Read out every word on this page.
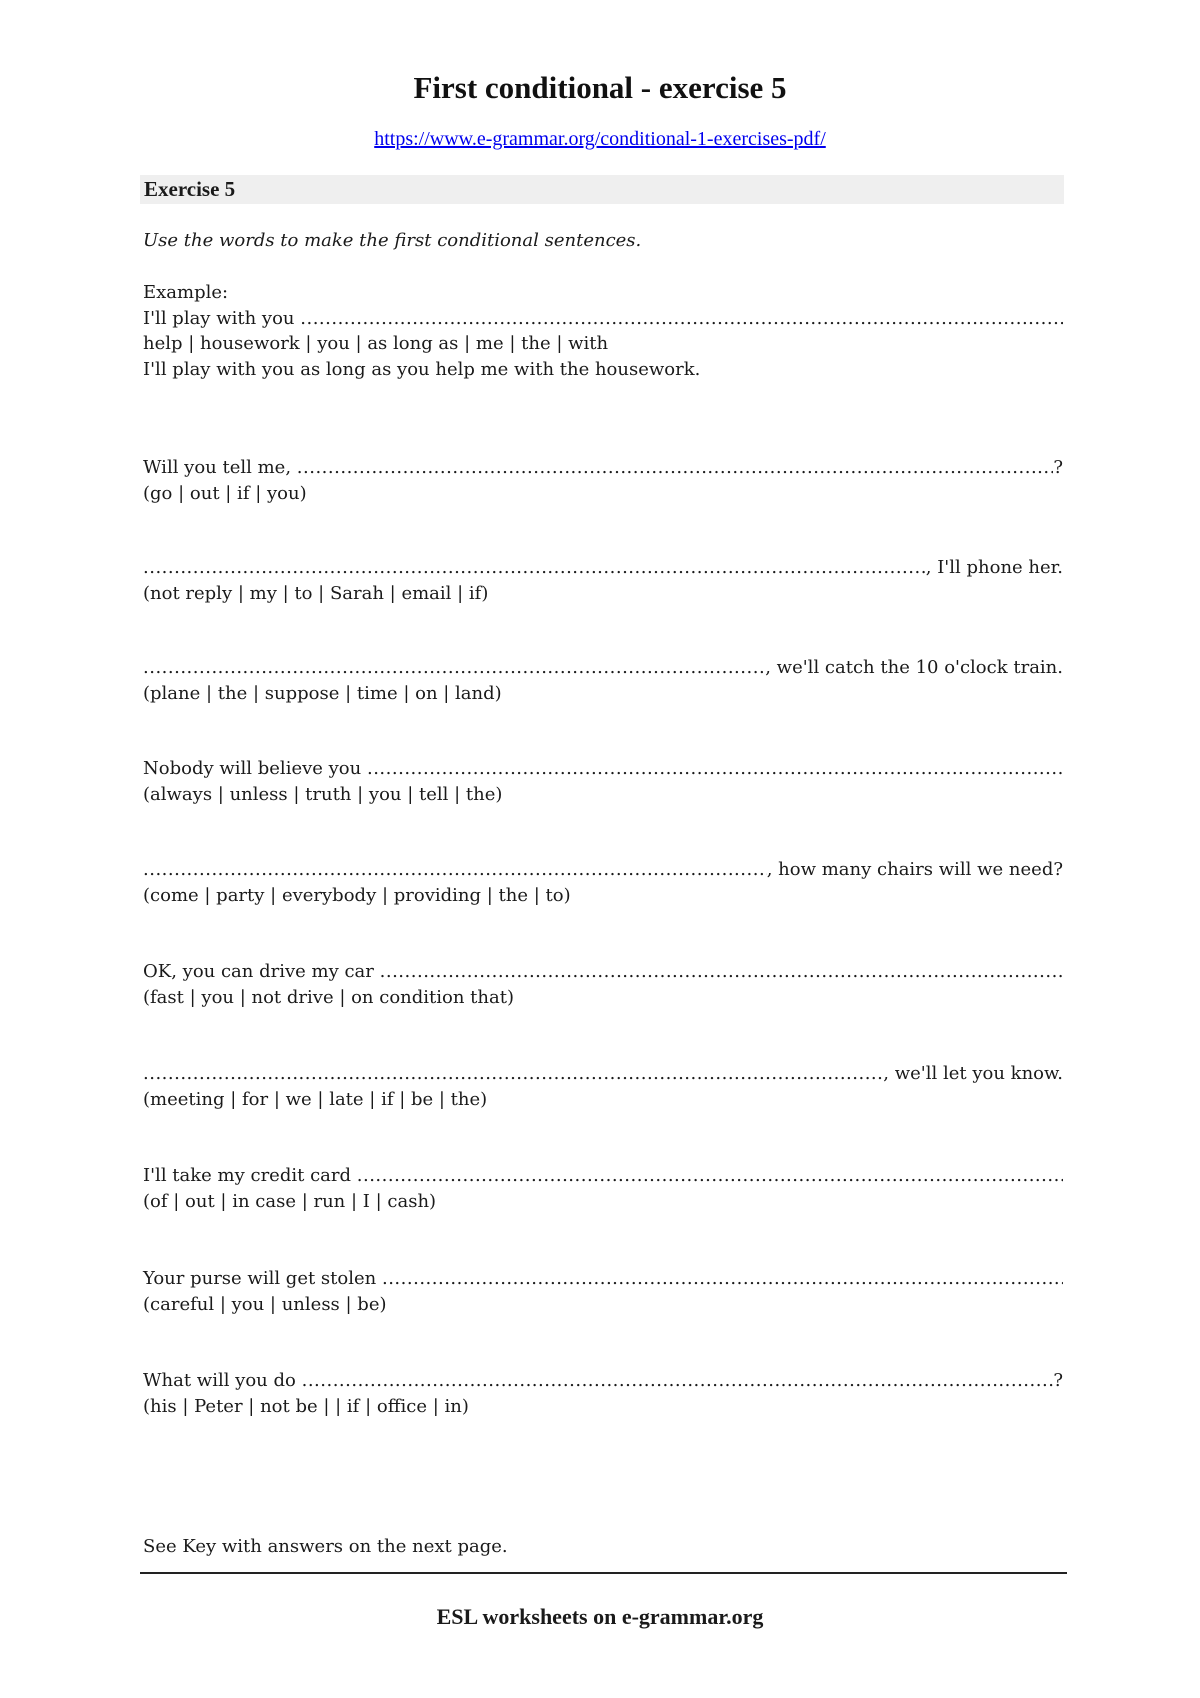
First conditional - exercise 5
https://www.e-grammar.org/conditional-1-exercises-pdf/
Exercise 5
Use the words to make the first conditional sentences.
Example:
I'll play with you

.....
help | housework | you | as long as | me | the | with
I'll play with you as long as you help me with the housework.
Will you tell me,
.....	?
(go | out | if | you)
.....
, I'll phone her.
(not reply | my | to | Sarah | email | if)
.....
, we'll catch the 10 o'clock train.
(plane | the | suppose | time | on | land)
Nobody will believe you

.....
(always | unless | truth | you | tell | the)
.....
, how many chairs will we need?
(come | party | everybody | providing | the | to)
OK, you can drive my car

.....
(fast | you | not drive | on condition that)
.....
, we'll let you know.
(meeting | for | we | late | if | be | the)
I'll take my credit card

.....
(of | out | in case | run | I | cash)
Your purse will get stolen

.....
(careful | you | unless | be)
What will you do
.....	?
(his | Peter | not be | | if | office | in)
See Key with answers on the next page.
ESL worksheets on e-grammar.org
